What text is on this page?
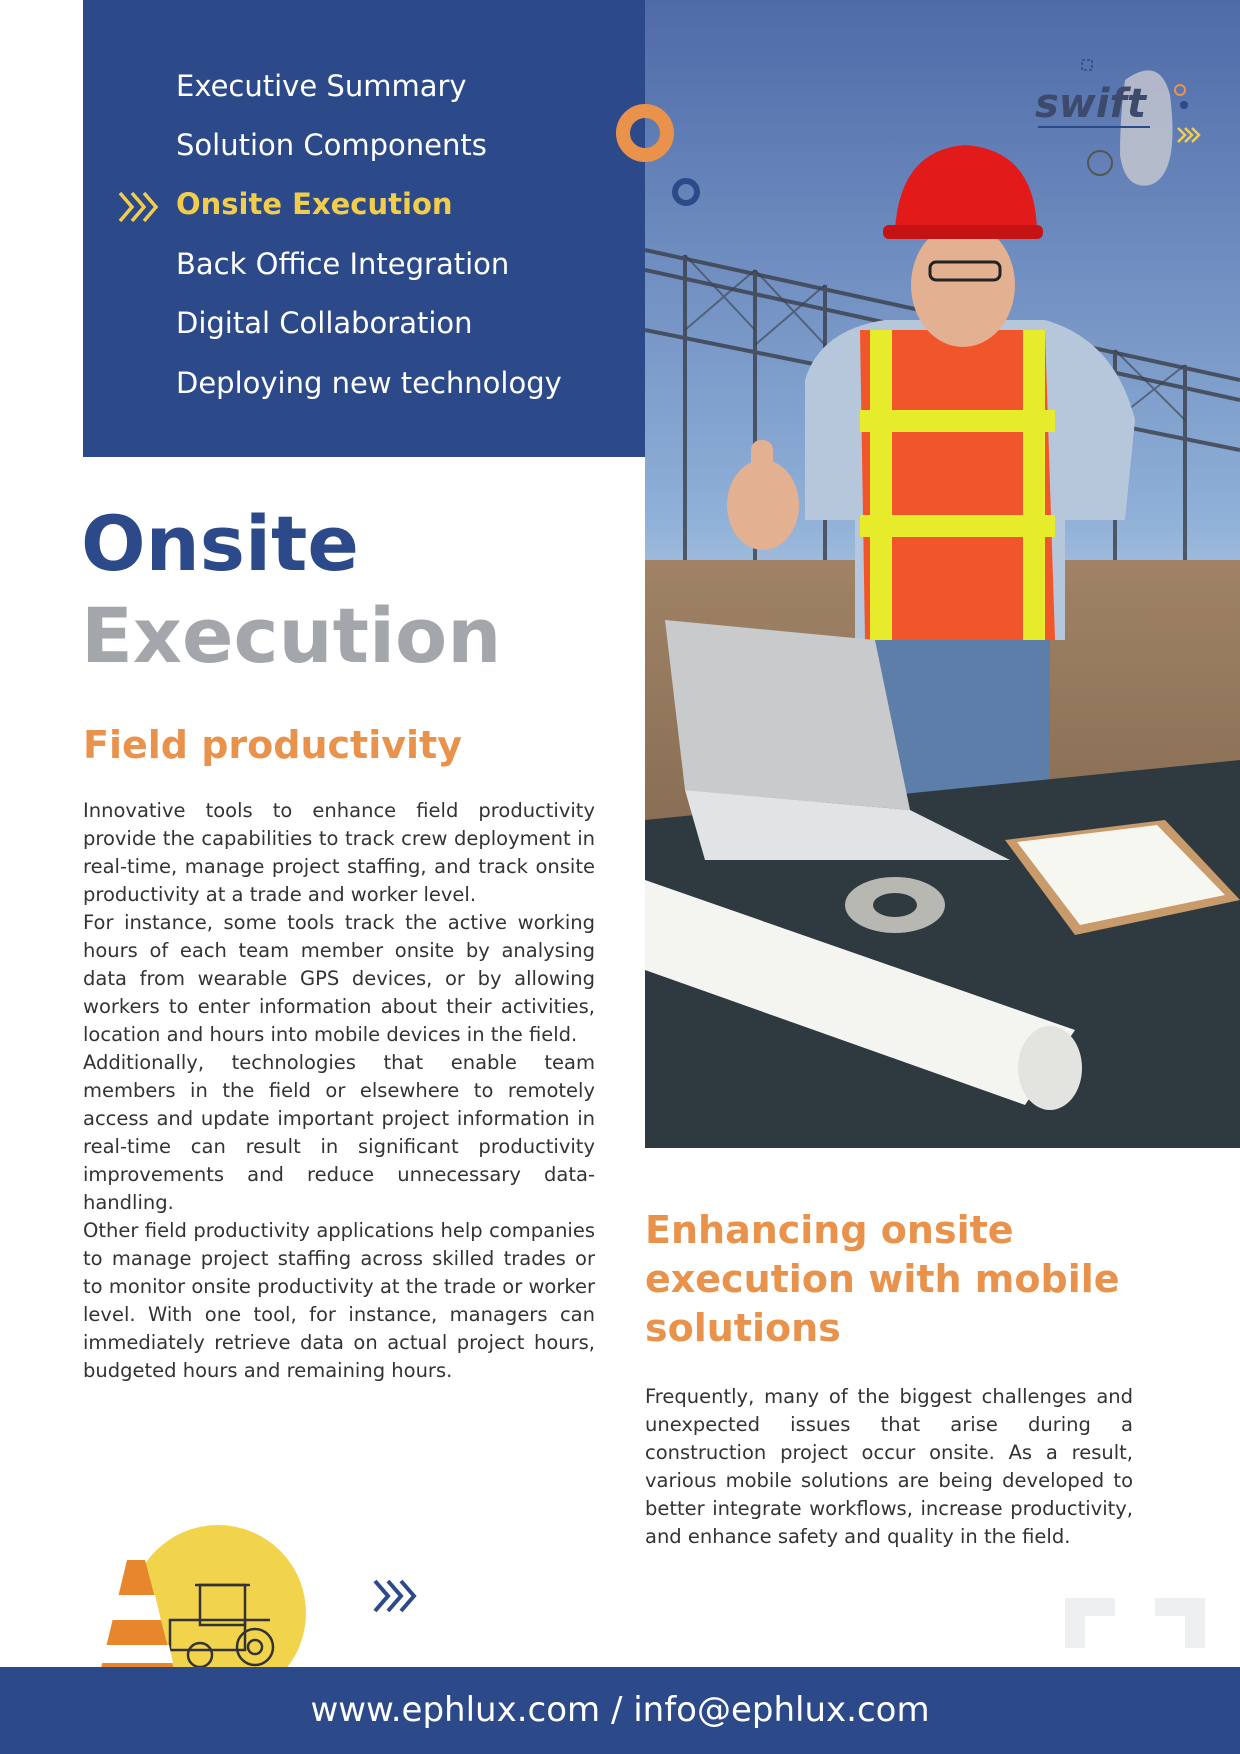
Executive Summary
Solution Components
Onsite Execution
Back Office Integration
Digital Collaboration
Deploying new technology
swift
Onsite
Execution
Field productivity

Innovative tools to enhance field productivity provide the capabilities to track crew deployment in real-time, manage project staffing, and track onsite productivity at a trade and worker level.

For instance, some tools track the active working hours of each team member onsite by analysing data from wearable GPS devices, or by allowing workers to enter information about their activities, location and hours into mobile devices in the field.

Additionally, technologies that enable team members in the field or elsewhere to remotely access and update important project information in real-time can result in significant productivity improvements and reduce unnecessary data-handling.

Other field productivity applications help companies to manage project staffing across skilled trades or to monitor onsite productivity at the trade or worker level. With one tool, for instance, managers can immediately retrieve data on actual project hours, budgeted hours and remaining hours.

Enhancing onsite execution with mobile solutions

Frequently, many of the biggest challenges and unexpected issues that arise during a construction project occur onsite. As a result, various mobile solutions are being developed to better integrate workflows, increase productivity, and enhance safety and quality in the field.

www.ephlux.com / info@ephlux.com
